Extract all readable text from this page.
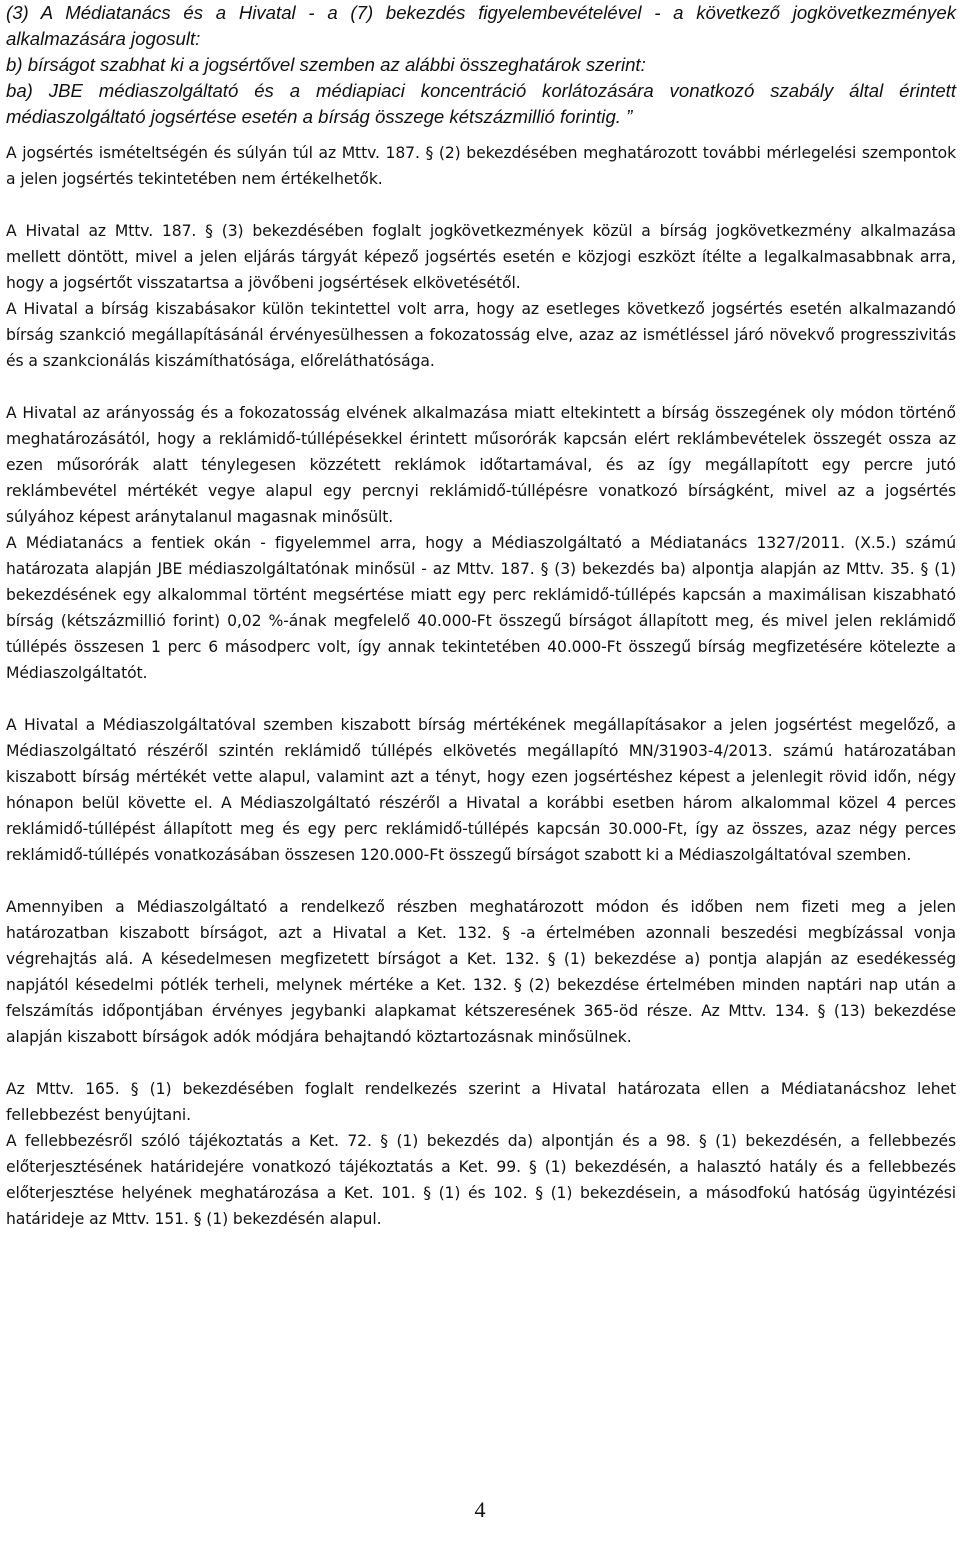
(3) A Médiatanács és a Hivatal - a (7) bekezdés figyelembevételével - a következő jogkövetkezmények alkalmazására jogosult:

b) bírságot szabhat ki a jogsértővel szemben az alábbi összeghatárok szerint:

ba) JBE médiaszolgáltató és a médiapiaci koncentráció korlátozására vonatkozó szabály által érintett médiaszolgáltató jogsértése esetén a bírság összege kétszázmillió forintig. ”

A jogsértés ismételtségén és súlyán túl az Mttv. 187. § (2) bekezdésében meghatározott további mérlegelési szempontok a jelen jogsértés tekintetében nem értékelhetők.

A Hivatal az Mttv. 187. § (3) bekezdésében foglalt jogkövetkezmények közül a bírság jogkövetkezmény alkalmazása mellett döntött, mivel a jelen eljárás tárgyát képező jogsértés esetén e közjogi eszközt ítélte a legalkalmasabbnak arra, hogy a jogsértőt visszatartsa a jövőbeni jogsértések elkövetésétől.

A Hivatal a bírság kiszabásakor külön tekintettel volt arra, hogy az esetleges következő jogsértés esetén alkalmazandó bírság szankció megállapításánál érvényesülhessen a fokozatosság elve, azaz az ismétléssel járó növekvő progresszivitás és a szankcionálás kiszámíthatósága, előreláthatósága.

A Hivatal az arányosság és a fokozatosság elvének alkalmazása miatt eltekintett a bírság összegének oly módon történő meghatározásától, hogy a reklámidő-túllépésekkel érintett műsorórák kapcsán elért reklámbevételek összegét ossza az ezen műsorórák alatt ténylegesen közzétett reklámok időtartamával, és az így megállapított egy percre jutó reklámbevétel mértékét vegye alapul egy percnyi reklámidő-túllépésre vonatkozó bírságként, mivel az a jogsértés súlyához képest aránytalanul magasnak minősült.

A Médiatanács a fentiek okán - figyelemmel arra, hogy a Médiaszolgáltató a Médiatanács 1327/2011. (X.5.) számú határozata alapján JBE médiaszolgáltatónak minősül - az Mttv. 187. § (3) bekezdés ba) alpontja alapján az Mttv. 35. § (1) bekezdésének egy alkalommal történt megsértése miatt egy perc reklámidő-túllépés kapcsán a maximálisan kiszabható bírság (kétszázmillió forint) 0,02 %-ának megfelelő 40.000-Ft összegű bírságot állapított meg, és mivel jelen reklámidő túllépés összesen 1 perc 6 másodperc volt, így annak tekintetében 40.000-Ft összegű bírság megfizetésére kötelezte a Médiaszolgáltatót.

A Hivatal a Médiaszolgáltatóval szemben kiszabott bírság mértékének megállapításakor a jelen jogsértést megelőző, a Médiaszolgáltató részéről szintén reklámidő túllépés elkövetés megállapító MN/31903-4/2013. számú határozatában kiszabott bírság mértékét vette alapul, valamint azt a tényt, hogy ezen jogsértéshez képest a jelenlegit rövid időn, négy hónapon belül követte el. A Médiaszolgáltató részéről a Hivatal a korábbi esetben három alkalommal közel 4 perces reklámidő-túllépést állapított meg és egy perc reklámidő-túllépés kapcsán 30.000-Ft, így az összes, azaz négy perces reklámidő-túllépés vonatkozásában összesen 120.000-Ft összegű bírságot szabott ki a Médiaszolgáltatóval szemben.

Amennyiben a Médiaszolgáltató a rendelkező részben meghatározott módon és időben nem fizeti meg a jelen határozatban kiszabott bírságot, azt a Hivatal a Ket. 132. § -a értelmében azonnali beszedési megbízással vonja végrehajtás alá. A késedelmesen megfizetett bírságot a Ket. 132. § (1) bekezdése a) pontja alapján az esedékesség napjától késedelmi pótlék terheli, melynek mértéke a Ket. 132. § (2) bekezdése értelmében minden naptári nap után a felszámítás időpontjában érvényes jegybanki alapkamat kétszeresének 365-öd része. Az Mttv. 134. § (13) bekezdése alapján kiszabott bírságok adók módjára behajtandó köztartozásnak minősülnek.

Az Mttv. 165. § (1) bekezdésében foglalt rendelkezés szerint a Hivatal határozata ellen a Médiatanácshoz lehet fellebbezést benyújtani.

A fellebbezésről szóló tájékoztatás a Ket. 72. § (1) bekezdés da) alpontján és a 98. § (1) bekezdésén, a fellebbezés előterjesztésének határidejére vonatkozó tájékoztatás a Ket. 99. § (1) bekezdésén, a halasztó hatály és a fellebbezés előterjesztése helyének meghatározása a Ket. 101. § (1) és 102. § (1) bekezdésein, a másodfokú hatóság ügyintézési határideje az Mttv. 151. § (1) bekezdésén alapul.

4
